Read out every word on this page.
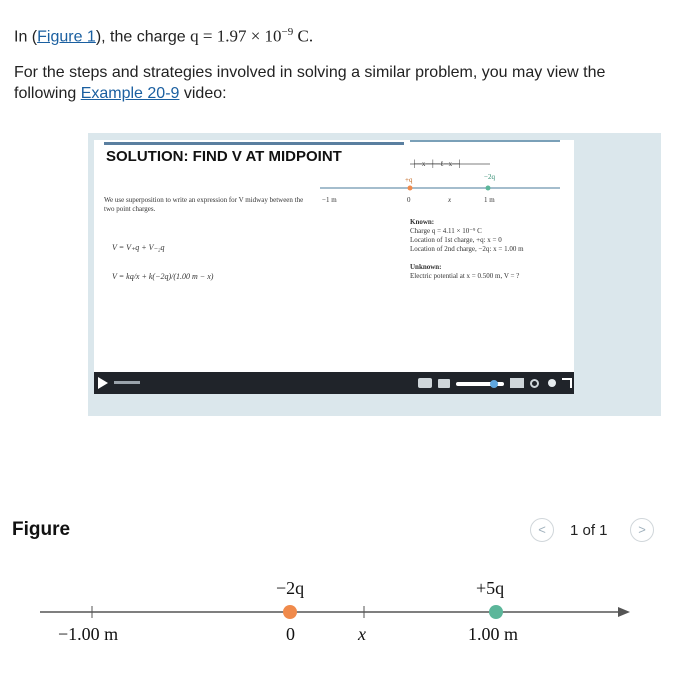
In (Figure 1), the charge $q = 1.97 \times 10^{-9}$ C.
For the steps and strategies involved in solving a similar problem, you may view the following Example 20-9 video:
SOLUTION: FIND V AT MIDPOINT
We use superposition to write an expression for V midway between the two point charges.
V = V₊q + V₋₂q
V = kq/x + k(−2q)/(1.00 m − x)
−1 m
+q	−2q
0	x	1 m
├─x─┼─ℓ─x─┤
Known:
Charge q = 4.11 × 10⁻⁹ C
Location of 1st charge, +q: x = 0
Location of 2nd charge, −2q: x = 1.00 m
Unknown:
Electric potential at x = 0.500 m, V = ?
Figure	<	1 of 1	>
−2q	+5q
−1.00 m	0	x	1.00 m
